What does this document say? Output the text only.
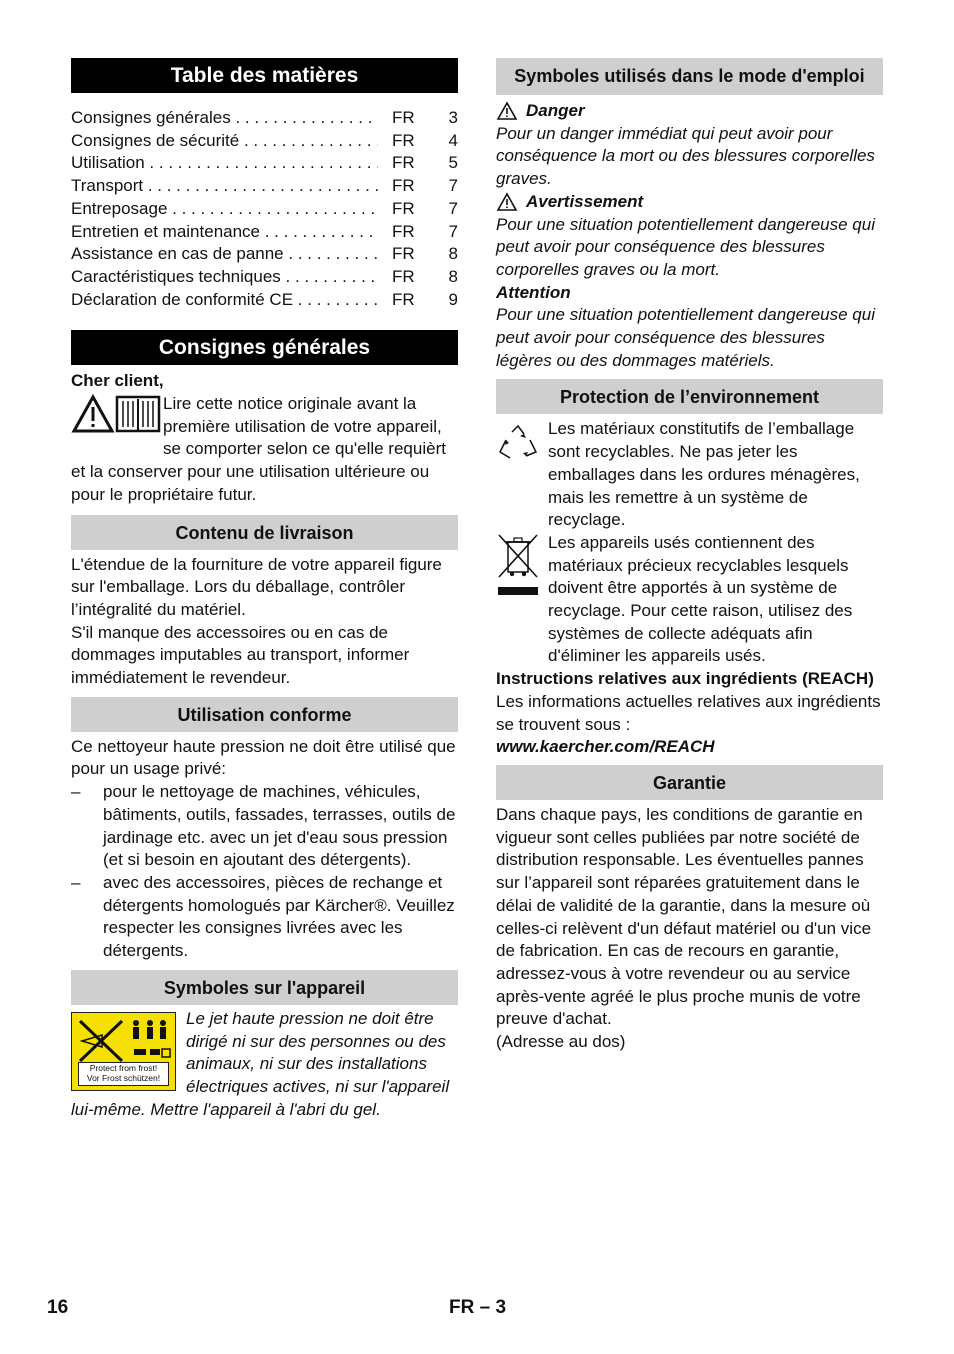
Table des matières
Consignes générales . . .	FR	3
Consignes de sécurité . . .	FR	4
Utilisation . . .	FR	5
Transport . . .	FR	7
Entreposage . . .	FR	7
Entretien et maintenance . . .	FR	7
Assistance en cas de panne . . .	FR	8
Caractéristiques techniques . . .	FR	8
Déclaration de conformité CE . . .	FR	9
Consignes générales

Cher client,

Lire cette notice originale avant la première utilisation de votre appareil, se comporter selon ce qu'elle requièrt et la conserver pour une utilisation ultérieure ou pour le propriétaire futur.

Contenu de livraison

L'étendue de la fourniture de votre appareil figure sur l'emballage. Lors du déballage, contrôler l’intégralité du matériel.

S'il manque des accessoires ou en cas de dommages imputables au transport, informer immédiatement le revendeur.

Utilisation conforme

Ce nettoyeur haute pression ne doit être utilisé que pour un usage privé:

–	pour le nettoyage de machines, véhicules, bâtiments, outils, fassades, terrasses, outils de jardinage etc. avec un jet d'eau sous pression (et si besoin en ajoutant des détergents).
–	avec des accessoires, pièces de rechange et détergents homologués par Kärcher®. Veuillez respecter les consignes livrées avec les détergents.
Symboles sur l'appareil
Protect from frost!
Vor Frost schützen!

Le jet haute pression ne doit être dirigé ni sur des personnes ou des animaux, ni sur des installations électriques actives, ni sur l'appareil lui-même. Mettre l'appareil à l'abri du gel.

Symboles utilisés dans le mode d'emploi
Danger

Pour un danger immédiat qui peut avoir pour conséquence la mort ou des blessures corporelles graves.

Avertissement

Pour une situation potentiellement dangereuse qui peut avoir pour conséquence des blessures corporelles graves ou la mort.

Attention

Pour une situation potentiellement dangereuse qui peut avoir pour conséquence des blessures légères ou des dommages matériels.

Protection de l’environnement

Les matériaux constitutifs de l’emballage sont recyclables. Ne pas jeter les emballages dans les ordures ménagères, mais les remettre à un système de recyclage.

Les appareils usés contiennent des matériaux précieux recyclables lesquels doivent être apportés à un système de recyclage. Pour cette raison, utilisez des systèmes de collecte adéquats afin d'éliminer les appareils usés.

Instructions relatives aux ingrédients (REACH)

Les informations actuelles relatives aux ingrédients se trouvent sous :

www.kaercher.com/REACH

Garantie

Dans chaque pays, les conditions de garantie en vigueur sont celles publiées par notre société de distribution responsable. Les éventuelles pannes sur l’appareil sont réparées gratuitement dans le délai de validité de la garantie, dans la mesure où celles-ci relèvent d'un défaut matériel ou d'un vice de fabrication. En cas de recours en garantie, adressez-vous à votre revendeur ou au service après-vente agréé le plus proche munis de votre preuve d'achat.

(Adresse au dos)

16	FR – 3
